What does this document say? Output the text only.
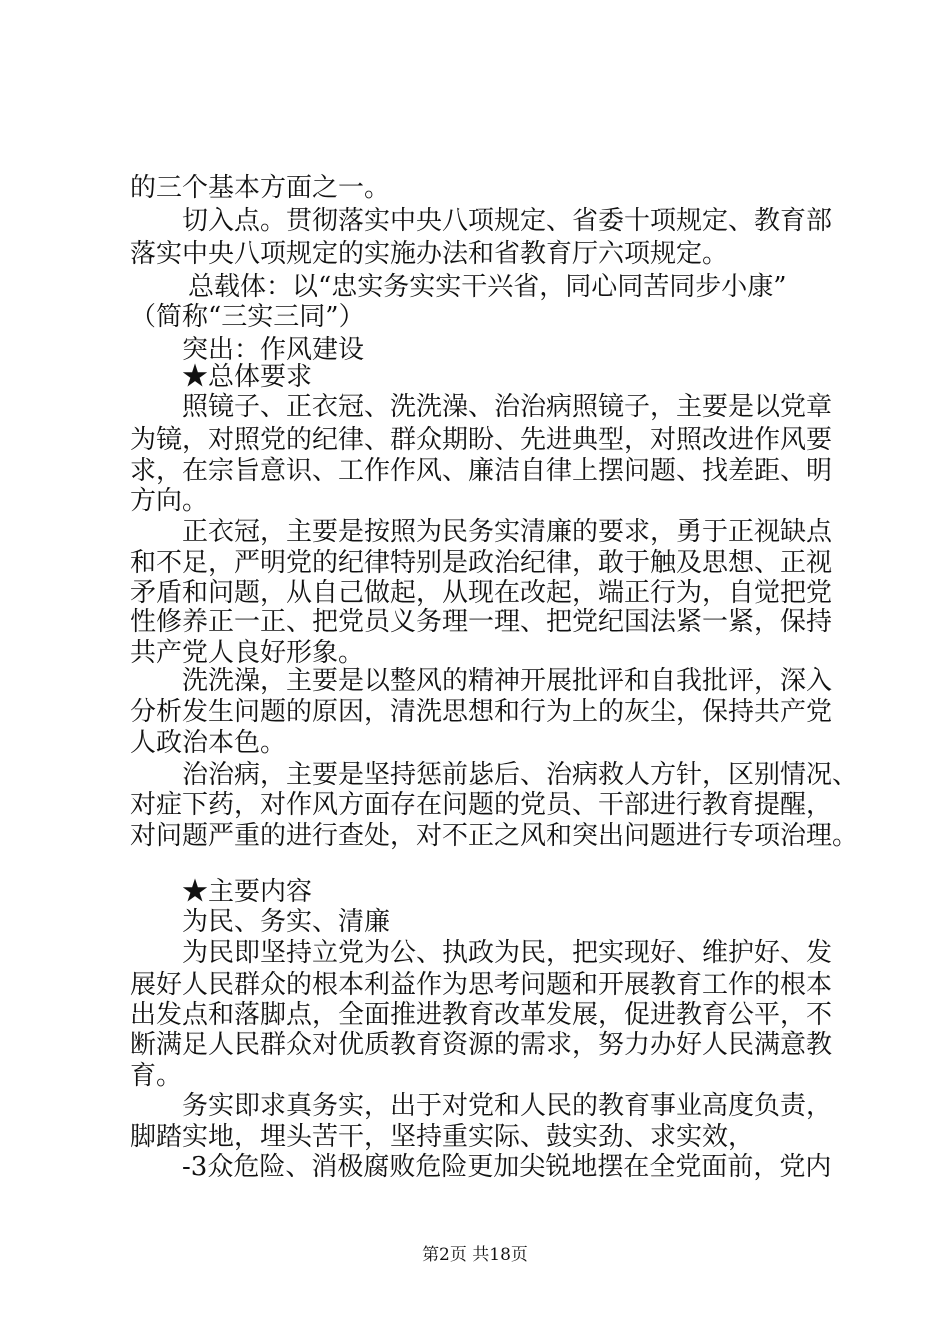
的三个基本方面之一。
切入点。贯彻落实中央八项规定、省委十项规定、教育部
落实中央八项规定的实施办法和省教育厅六项规定。
总载体：以“忠实务实实干兴省，同心同苦同步小康”
（简称“三实三同”）
突出：作风建设
★总体要求
照镜子、正衣冠、洗洗澡、治治病照镜子，主要是以党章
为镜，对照党的纪律、群众期盼、先进典型，对照改进作风要
求，在宗旨意识、工作作风、廉洁自律上摆问题、找差距、明
方向。
正衣冠，主要是按照为民务实清廉的要求，勇于正视缺点
和不足，严明党的纪律特别是政治纪律，敢于触及思想、正视
矛盾和问题，从自己做起，从现在改起，端正行为，自觉把党
性修养正一正、把党员义务理一理、把党纪国法紧一紧，保持
共产党人良好形象。
洗洗澡，主要是以整风的精神开展批评和自我批评，深入
分析发生问题的原因，清洗思想和行为上的灰尘，保持共产党
人政治本色。
治治病，主要是坚持惩前毖后、治病救人方针，区别情况、
对症下药，对作风方面存在问题的党员、干部进行教育提醒，
对问题严重的进行查处，对不正之风和突出问题进行专项治理。
★主要内容
为民、务实、清廉
为民即坚持立党为公、执政为民，把实现好、维护好、发
展好人民群众的根本利益作为思考问题和开展教育工作的根本
出发点和落脚点，全面推进教育改革发展，促进教育公平，不
断满足人民群众对优质教育资源的需求，努力办好人民满意教
育。
务实即求真务实，出于对党和人民的教育事业高度负责，
脚踏实地，埋头苦干，坚持重实际、鼓实劲、求实效，
-3众危险、消极腐败危险更加尖锐地摆在全党面前，党内
第2页 共18页
